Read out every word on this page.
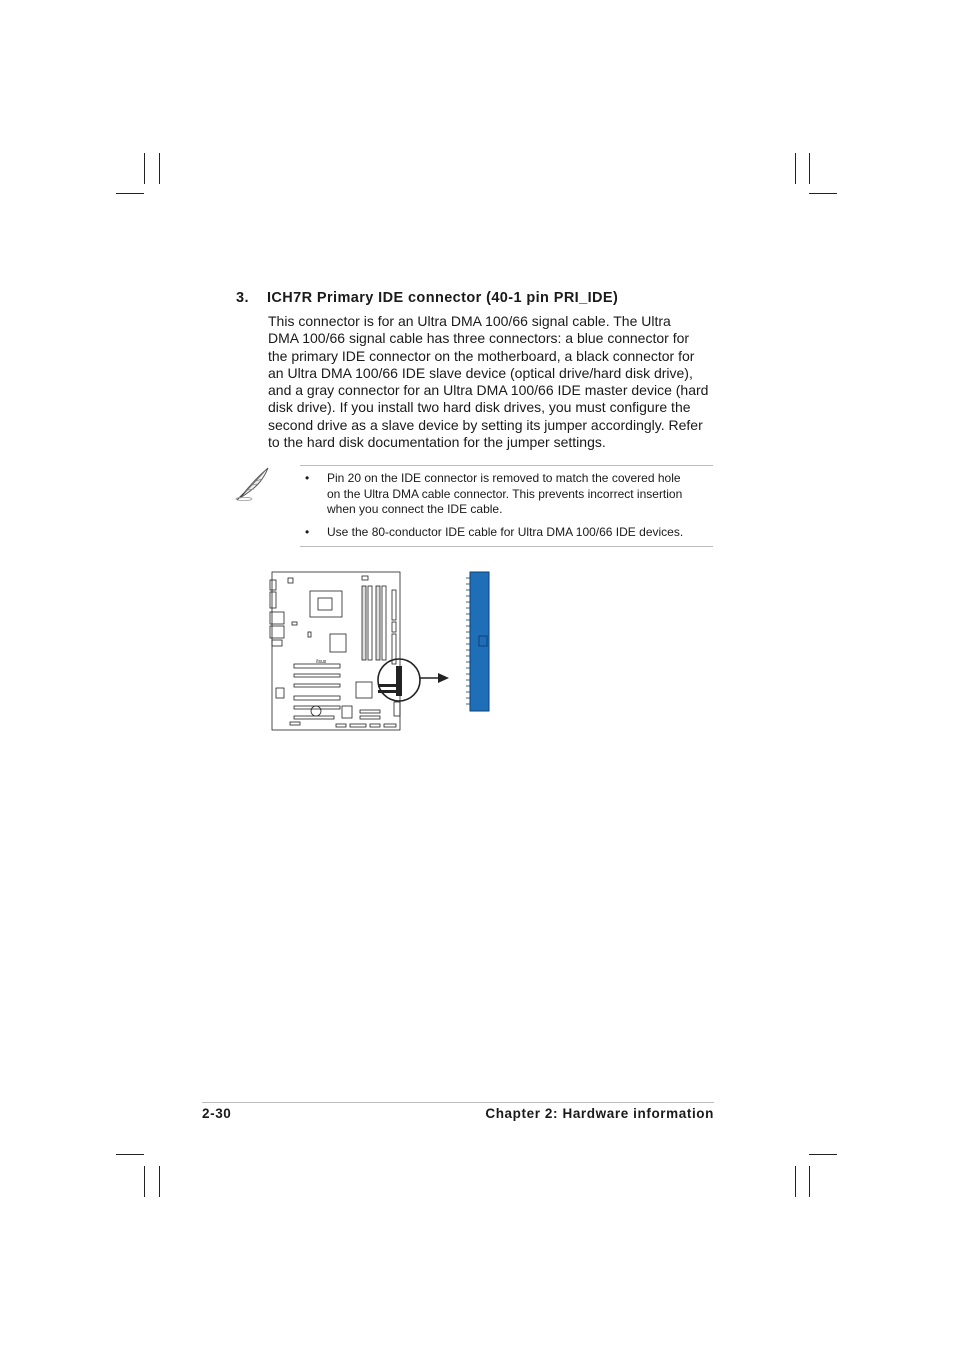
3. ICH7R Primary IDE connector (40-1 pin PRI_IDE)
This connector is for an Ultra DMA 100/66 signal cable. The Ultra
DMA 100/66 signal cable has three connectors: a blue connector for
the primary IDE connector on the motherboard, a black connector for
an Ultra DMA 100/66 IDE slave device (optical drive/hard disk drive),
and a gray connector for an Ultra DMA 100/66 IDE master device (hard
disk drive). If you install two hard disk drives, you must configure the
second drive as a slave device by setting its jumper accordingly. Refer
to the hard disk documentation for the jumper settings.
• Pin 20 on the IDE connector is removed to match the covered hole
on the Ultra DMA cable connector. This prevents incorrect insertion
when you connect the IDE cable.
• Use the 80-conductor IDE cable for Ultra DMA 100/66 IDE devices.
/isus
2-30	Chapter 2: Hardware information
